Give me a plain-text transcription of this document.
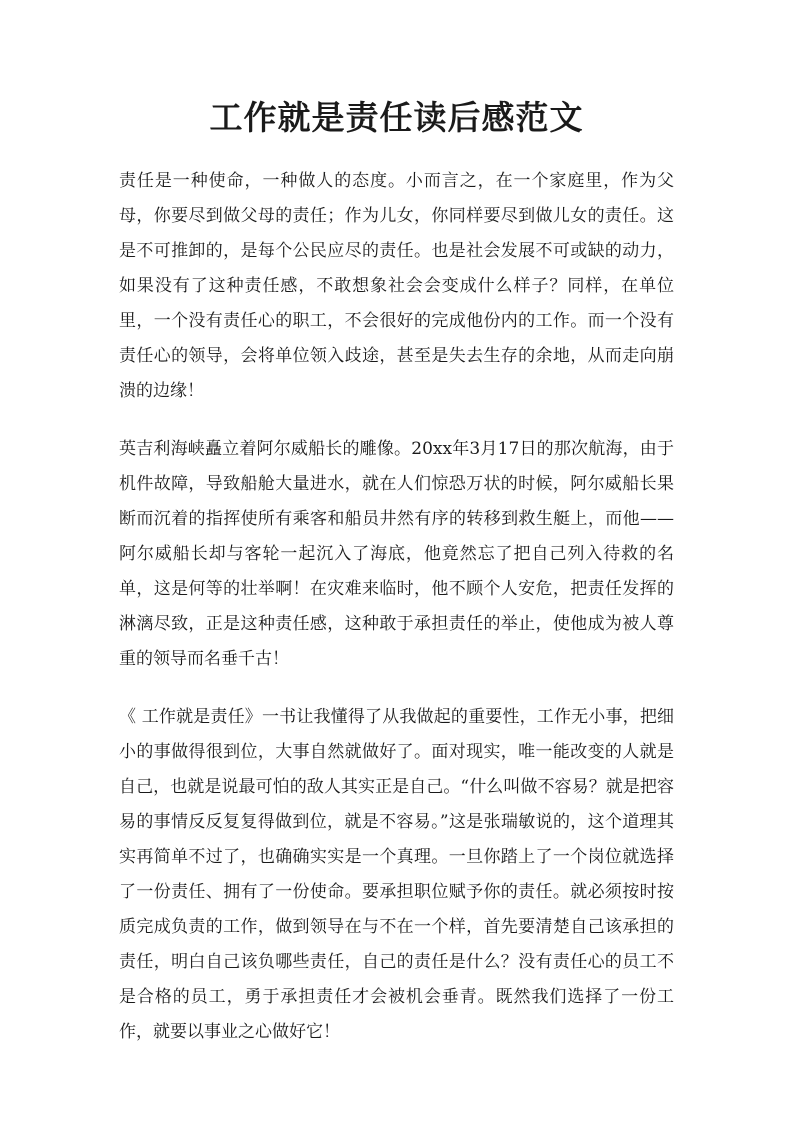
工作就是责任读后感范文

责任是一种使命，一种做人的态度。小而言之，在一个家庭里，作为父母，你要尽到做父母的责任；作为儿女，你同样要尽到做儿女的责任。这是不可推卸的，是每个公民应尽的责任。也是社会发展不可或缺的动力，如果没有了这种责任感，不敢想象社会会变成什么样子？同样，在单位里，一个没有责任心的职工，不会很好的完成他份内的工作。而一个没有责任心的领导，会将单位领入歧途，甚至是失去生存的余地，从而走向崩溃的边缘！

英吉利海峡矗立着阿尔威船长的雕像。20xx年3月17日的那次航海，由于机件故障，导致船舱大量进水，就在人们惊恐万状的时候，阿尔威船长果断而沉着的指挥使所有乘客和船员井然有序的转移到救生艇上，而他——阿尔威船长却与客轮一起沉入了海底，他竟然忘了把自己列入待救的名单，这是何等的壮举啊！在灾难来临时，他不顾个人安危，把责任发挥的淋漓尽致，正是这种责任感，这种敢于承担责任的举止，使他成为被人尊重的领导而名垂千古！

《 工作就是责任》一书让我懂得了从我做起的重要性，工作无小事，把细小的事做得很到位，大事自然就做好了。面对现实，唯一能改变的人就是自己，也就是说最可怕的敌人其实正是自己。“什么叫做不容易？就是把容易的事情反反复复得做到位，就是不容易。”这是张瑞敏说的，这个道理其实再简单不过了，也确确实实是一个真理。一旦你踏上了一个岗位就选择了一份责任、拥有了一份使命。要承担职位赋予你的责任。就必须按时按质完成负责的工作，做到领导在与不在一个样，首先要清楚自己该承担的责任，明白自己该负哪些责任，自己的责任是什么？没有责任心的员工不是合格的员工，勇于承担责任才会被机会垂青。既然我们选择了一份工作，就要以事业之心做好它！
